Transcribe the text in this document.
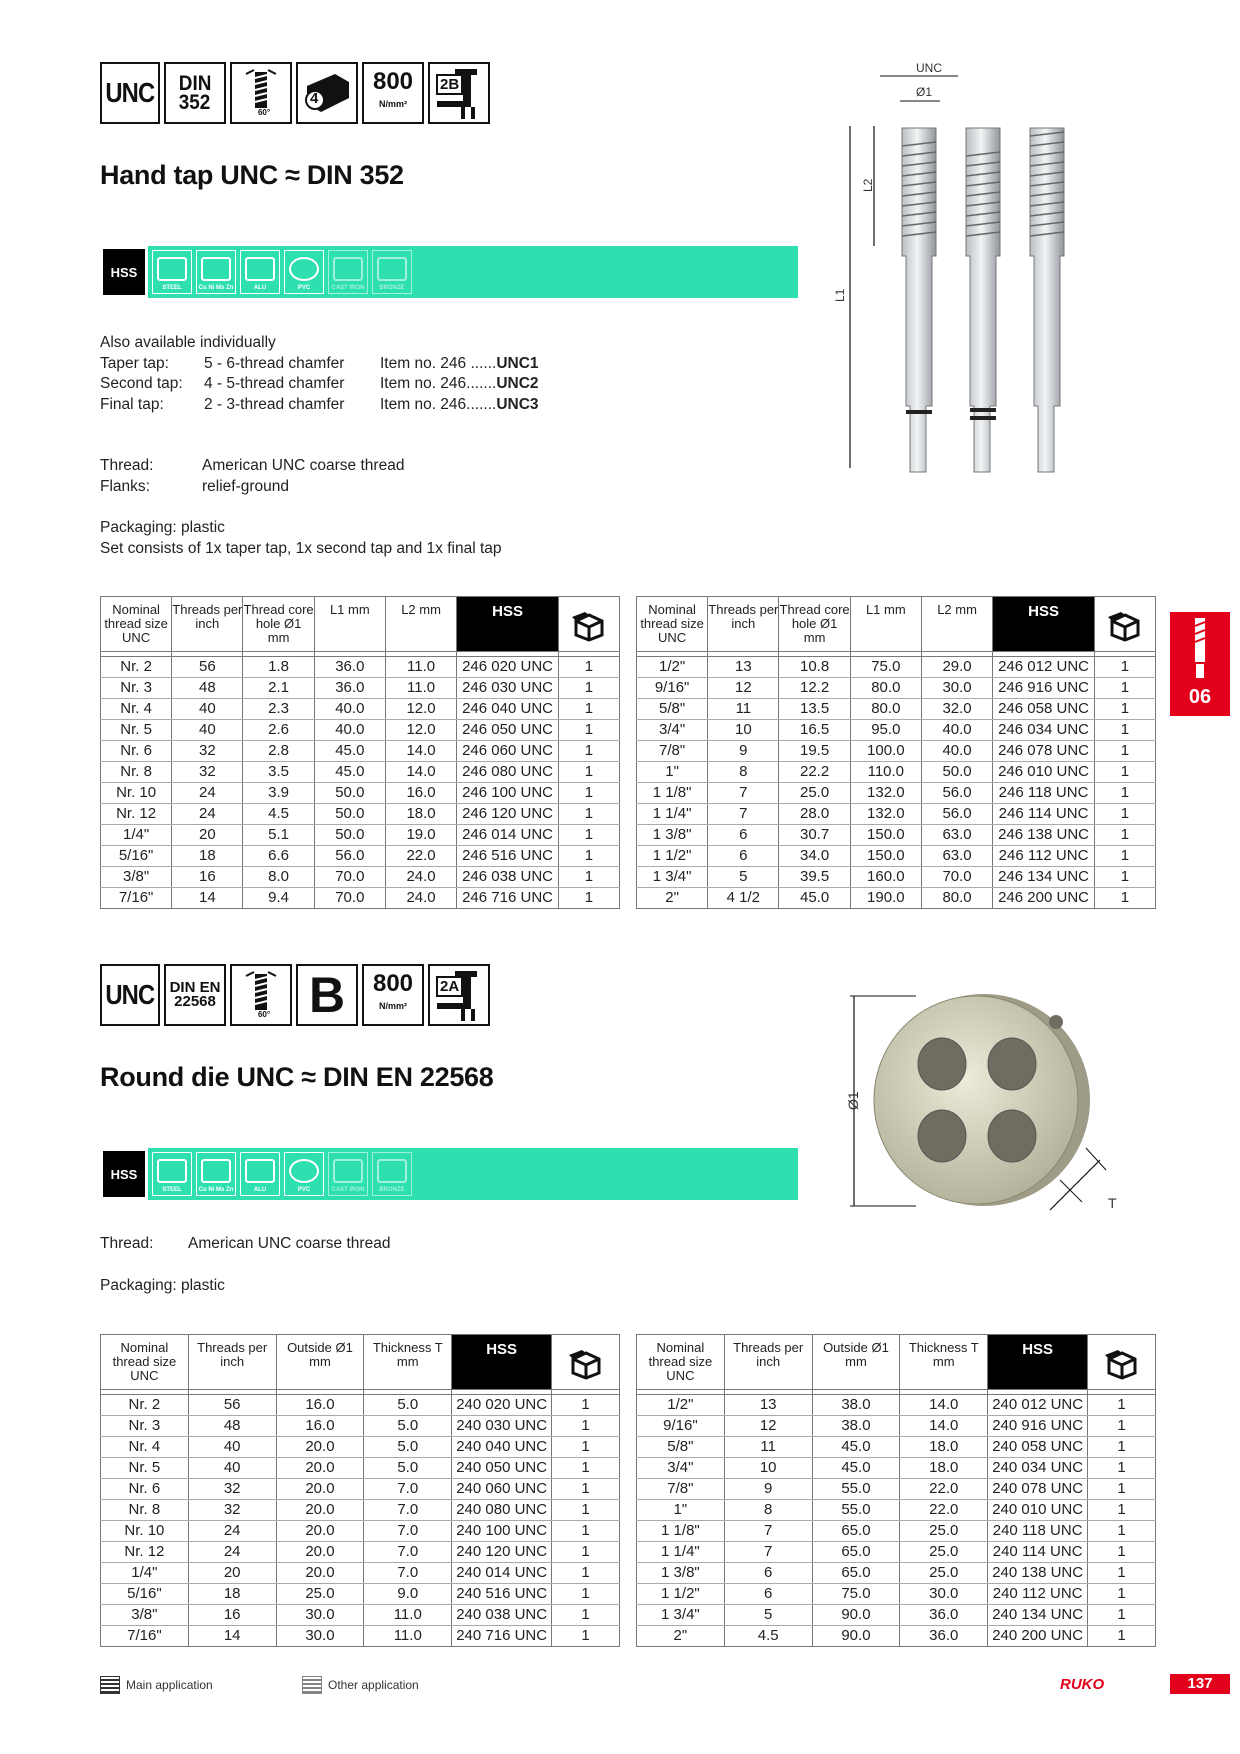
UNC DIN
352	60°
4
800
N/mm²
2B
Hand tap UNC ≈ DIN 352
HSS
STEEL	Cu Ni Ms Zn	ALU	PVC	CAST IRON BRONZE
Also available individually
Taper tap:	5 - 6-thread chamfer	Item no. 246 ...... UNC1
Second tap:	4 - 5-thread chamfer	Item no. 246....... UNC2
Final tap:	2 - 3-thread chamfer	Item no. 246....... UNC3
Thread:	American UNC coarse thread
Flanks:	relief-ground
Packaging: plastic
Set consists of 1x taper tap, 1x second tap and 1x final tap
UNC
Ø1
L1
L2
Nominal thread size UNC	Threads per inch	Thread core hole Ø1 mm	L1 mm	L2 mm	HSS	

Nr. 2	56	1.8	36.0	11.0	246 020 UNC	1
Nr. 3	48	2.1	36.0	11.0	246 030 UNC	1
Nr. 4	40	2.3	40.0	12.0	246 040 UNC	1
Nr. 5	40	2.6	40.0	12.0	246 050 UNC	1
Nr. 6	32	2.8	45.0	14.0	246 060 UNC	1
Nr. 8	32	3.5	45.0	14.0	246 080 UNC	1
Nr. 10	24	3.9	50.0	16.0	246 100 UNC	1
Nr. 12	24	4.5	50.0	18.0	246 120 UNC	1
1/4"	20	5.1	50.0	19.0	246 014 UNC	1
5/16"	18	6.6	56.0	22.0	246 516 UNC	1
3/8"	16	8.0	70.0	24.0	246 038 UNC	1
7/16"	14	9.4	70.0	24.0	246 716 UNC	1
Nominal thread size UNC	Threads per inch	Thread core hole Ø1 mm	L1 mm	L2 mm	HSS	

1/2"	13	10.8	75.0	29.0	246 012 UNC	1
9/16"	12	12.2	80.0	30.0	246 916 UNC	1
5/8"	11	13.5	80.0	32.0	246 058 UNC	1
3/4"	10	16.5	95.0	40.0	246 034 UNC	1
7/8"	9	19.5	100.0	40.0	246 078 UNC	1
1"	8	22.2	110.0	50.0	246 010 UNC	1
1 1/8"	7	25.0	132.0	56.0	246 118 UNC	1
1 1/4"	7	28.0	132.0	56.0	246 114 UNC	1
1 3/8"	6	30.7	150.0	63.0	246 138 UNC	1
1 1/2"	6	34.0	150.0	63.0	246 112 UNC	1
1 3/4"	5	39.5	160.0	70.0	246 134 UNC	1
2"	4 1/2	45.0	190.0	80.0	246 200 UNC	1
06
UNC DIN EN
22568
60° B 800
N/mm²
2A
Round die UNC ≈ DIN EN 22568
HSS
STEEL	Cu Ni Ms Zn	ALU	PVC	CAST IRON BRONZE
Thread:	American UNC coarse thread
Packaging: plastic
Ø1
T
Nominal thread size UNC	Threads per inch	Outside Ø1 mm	Thickness T mm	HSS	

Nr. 2	56	16.0	5.0	240 020 UNC	1
Nr. 3	48	16.0	5.0	240 030 UNC	1
Nr. 4	40	20.0	5.0	240 040 UNC	1
Nr. 5	40	20.0	5.0	240 050 UNC	1
Nr. 6	32	20.0	7.0	240 060 UNC	1
Nr. 8	32	20.0	7.0	240 080 UNC	1
Nr. 10	24	20.0	7.0	240 100 UNC	1
Nr. 12	24	20.0	7.0	240 120 UNC	1
1/4"	20	20.0	7.0	240 014 UNC	1
5/16"	18	25.0	9.0	240 516 UNC	1
3/8"	16	30.0	11.0	240 038 UNC	1
7/16"	14	30.0	11.0	240 716 UNC	1
Nominal thread size UNC	Threads per inch	Outside Ø1 mm	Thickness T mm	HSS	

1/2"	13	38.0	14.0	240 012 UNC	1
9/16"	12	38.0	14.0	240 916 UNC	1
5/8"	11	45.0	18.0	240 058 UNC	1
3/4"	10	45.0	18.0	240 034 UNC	1
7/8"	9	55.0	22.0	240 078 UNC	1
1"	8	55.0	22.0	240 010 UNC	1
1 1/8"	7	65.0	25.0	240 118 UNC	1
1 1/4"	7	65.0	25.0	240 114 UNC	1
1 3/8"	6	65.0	25.0	240 138 UNC	1
1 1/2"	6	75.0	30.0	240 112 UNC	1
1 3/4"	5	90.0	36.0	240 134 UNC	1
2"	4.5	90.0	36.0	240 200 UNC	1
Main application	Other application	RUKO	137
